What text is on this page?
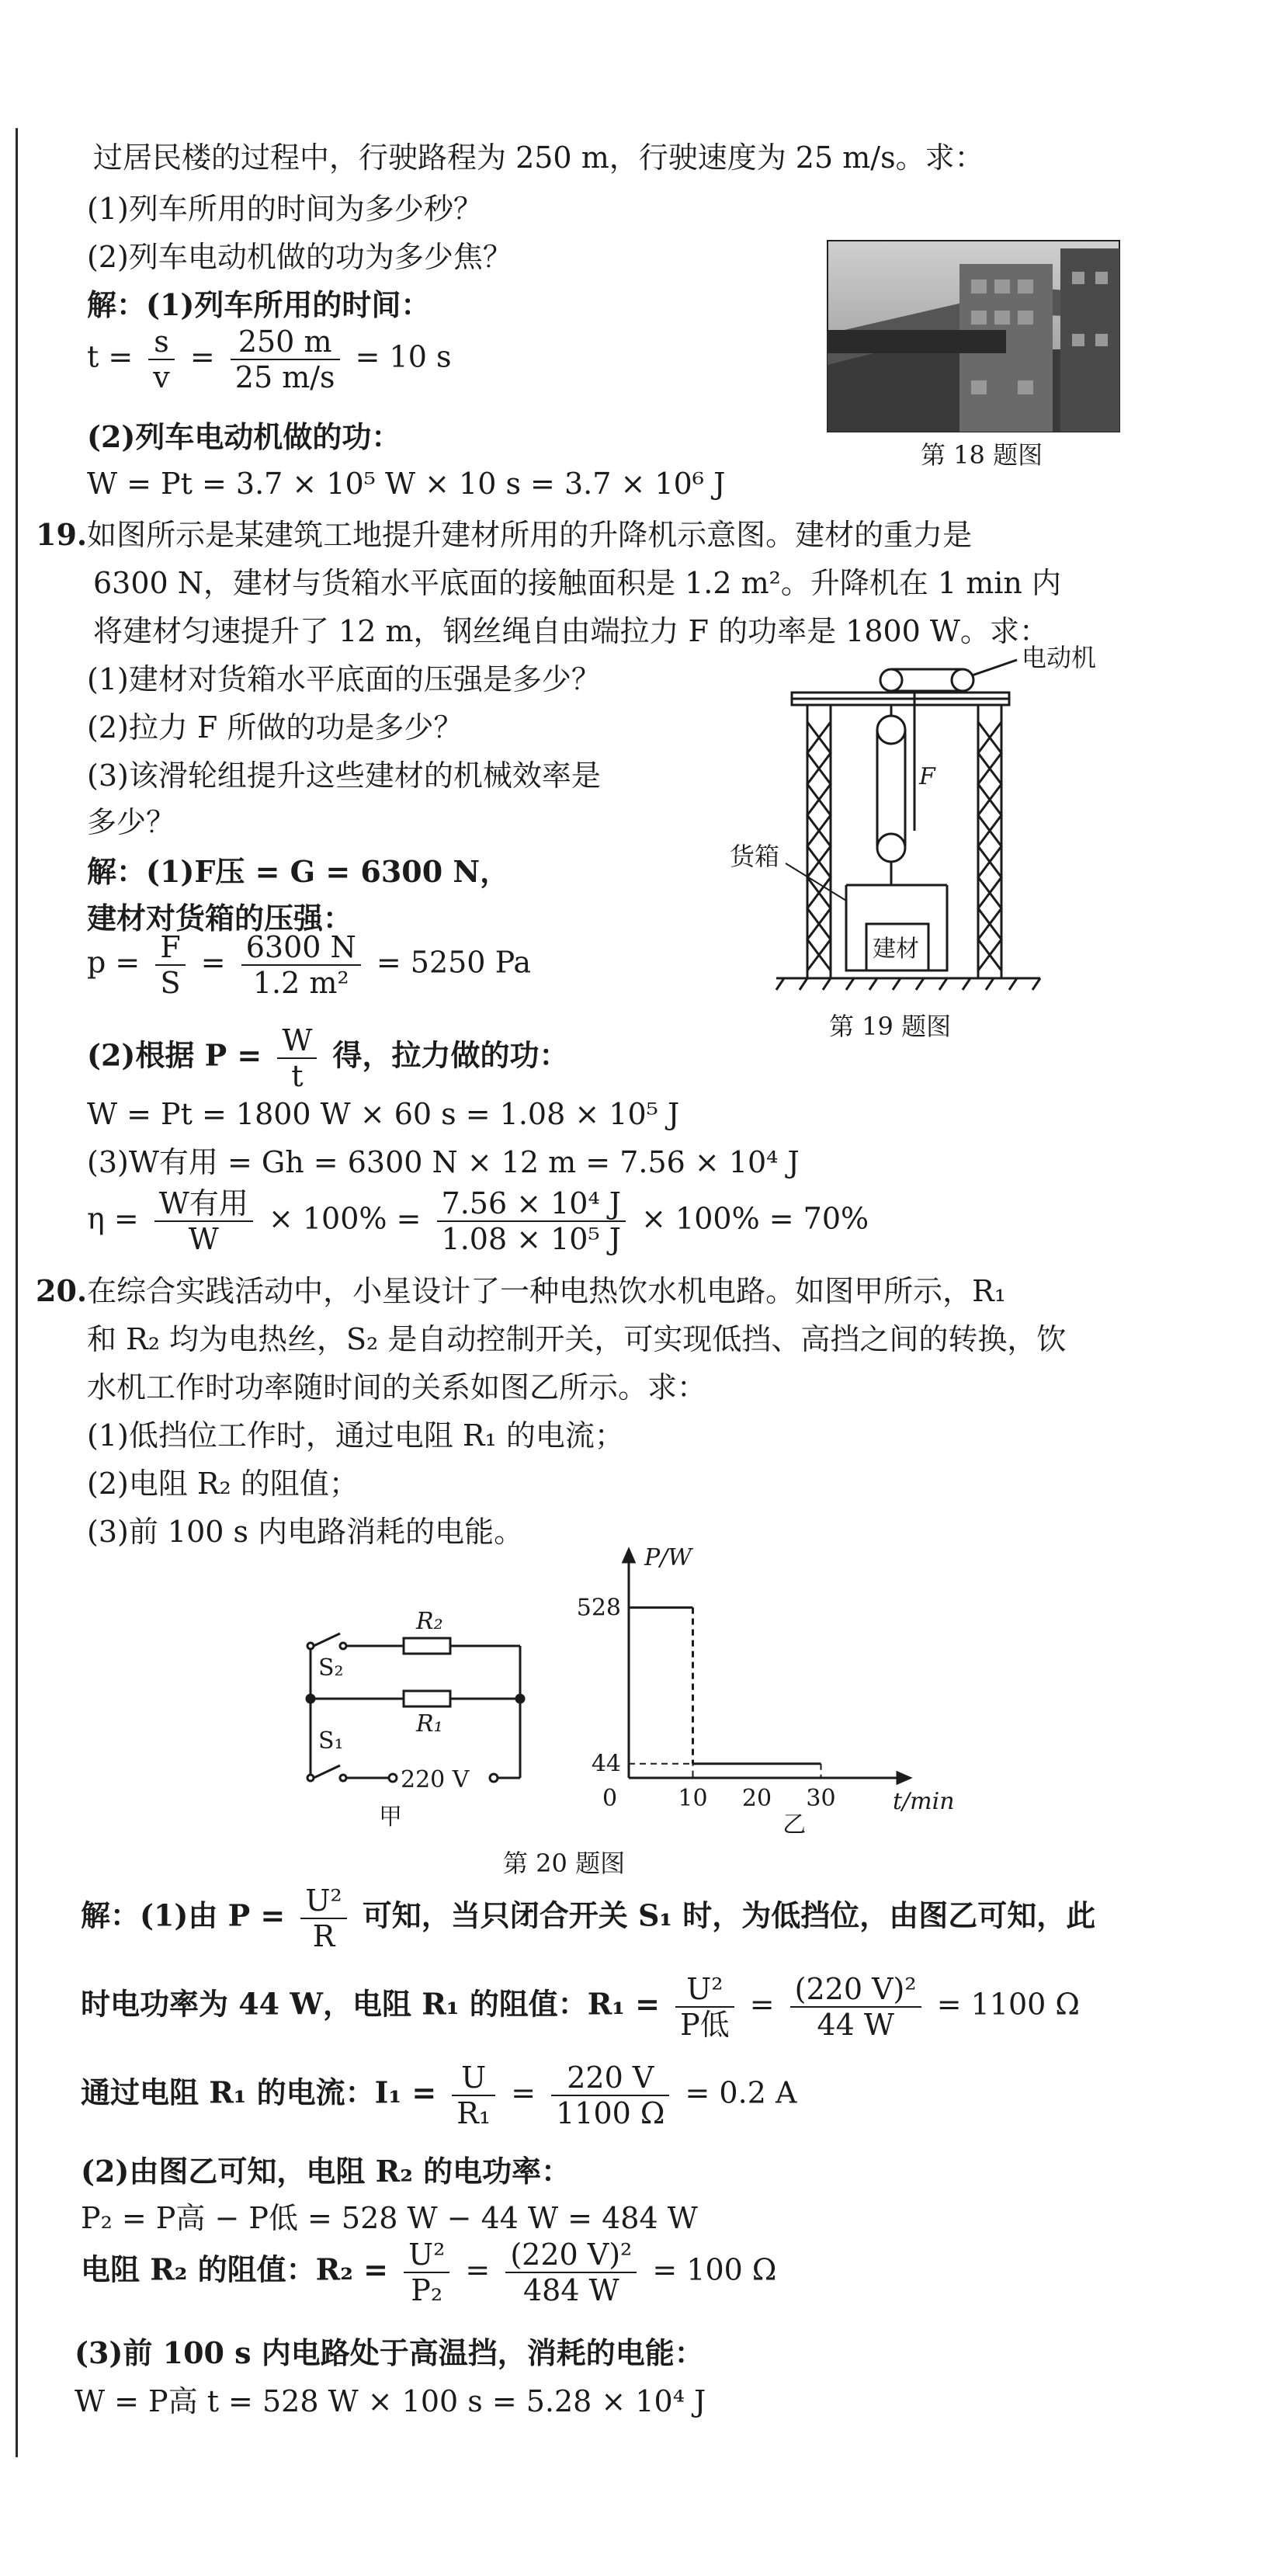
过居民楼的过程中，行驶路程为 250 m，行驶速度为 25 m/s。求：
(1)列车所用的时间为多少秒？
(2)列车电动机做的功为多少焦？
解：(1)列车所用的时间：
$t = \frac{s}{v} = \frac{250 m}{25 m/s} = 10$ s
(2)列车电动机做的功：
W = Pt = 3.7 × 10⁵ W × 10 s = 3.7 × 10⁶ J
第 18 题图
19.如图所示是某建筑工地提升建材所用的升降机示意图。建材的重力是
6300 N，建材与货箱水平底面的接触面积是 1.2 m²。升降机在 1 min 内
将建材匀速提升了 12 m，钢丝绳自由端拉力 F 的功率是 1800 W。求：
(1)建材对货箱水平底面的压强是多少？
(2)拉力 F 所做的功是多少？
(3)该滑轮组提升这些建材的机械效率是
多少？
解：(1)F压 = G = 6300 N，
建材对货箱的压强：
$p = \frac{F}{S} = \frac{6300 N}{\text{1.2 m²}} = 5250$ Pa
(2)根据 $P = \frac{W}{t}$ 得，拉力做的功：
W = Pt = 1800 W × 60 s = 1.08 × 10⁵ J
(3)W有用 = Gh = 6300 N × 12 m = 7.56 × 10⁴ J
$\eta = \frac{\text{W有用}}{W} \times 100\% = \frac{\text{7.56 × 10⁴ J}}{\text{1.08 × 10⁵ J}} \times 100\% = 70\%$
电动机
F
货箱
建材
第 19 题图
20.在综合实践活动中，小星设计了一种电热饮水机电路。如图甲所示，R₁
和 R₂ 均为电热丝，S₂ 是自动控制开关，可实现低挡、高挡之间的转换，饮
水机工作时功率随时间的关系如图乙所示。求：
(1)低挡位工作时，通过电阻 R₁ 的电流；
(2)电阻 R₂ 的阻值；
(3)前 100 s 内电路消耗的电能。
R₂
S₂
R₁
S₁
220 V
甲
10 20 30
44
528
0	t/min
P/W
乙
第 20 题图
解：(1)由 $P = \frac{\text{U²}}{R}$ 可知，当只闭合开关 S₁ 时，为低挡位，由图乙可知，此
时电功率为 44 W，电阻 R₁ 的阻值：$R_1 = \frac{\text{U²}}{\text{P低}} = \frac{\text{(220 V)²}}{44 W} = 1100$ Ω
通过电阻 R₁ 的电流：$I_1 = \frac{U}{\text{R₁}} = \frac{220 V}{1100 \Omega} = 0.2$ A
(2)由图乙可知，电阻 R₂ 的电功率：
P₂ = P高 − P低 = 528 W − 44 W = 484 W
电阻 R₂ 的阻值：$R_2 = \frac{\text{U²}}{\text{P₂}} = \frac{\text{(220 V)²}}{484 W} = 100$ Ω
(3)前 100 s 内电路处于高温挡，消耗的电能：
W = P高 t = 528 W × 100 s = 5.28 × 10⁴ J
